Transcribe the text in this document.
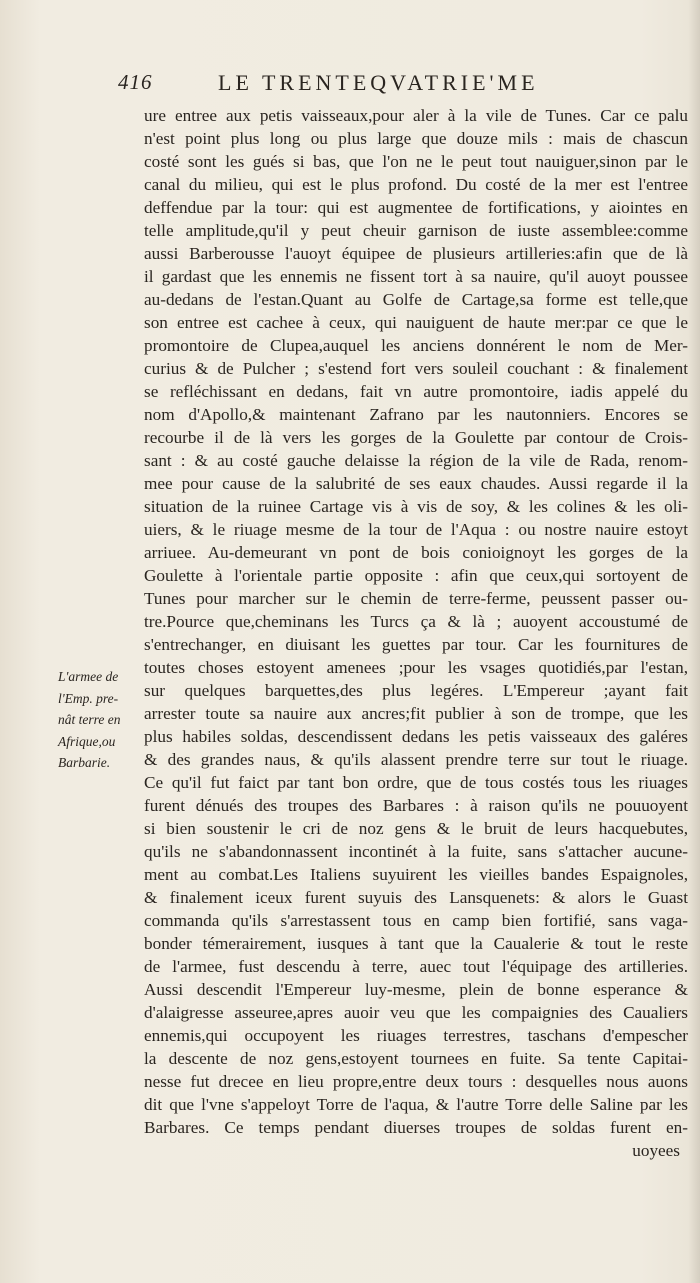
416	LE TRENTEQVATRIE'ME
L'armee de
l'Emp. pre-
nât terre en
Afrique,ou
Barbarie.
ure entree aux petis vaisseaux,pour aler à la vile de Tunes. Car ce palu
n'est point plus long ou plus large que douze mils : mais de chascun
costé sont les gués si bas, que l'on ne le peut tout nauiguer,sinon par le
canal du milieu, qui est le plus profond. Du costé de la mer est l'entree
deffendue par la tour: qui est augmentee de fortifications, y aiointes en
telle amplitude,qu'il y peut cheuir garnison de iuste assemblee:comme
aussi Barberousse l'auoyt équipee de plusieurs artilleries:afin que de là
il gardast que les ennemis ne fissent tort à sa nauire, qu'il auoyt poussee
au-dedans de l'estan.Quant au Golfe de Cartage,sa forme est telle,que
son entree est cachee à ceux, qui nauiguent de haute mer:par ce que le
promontoire de Clupea,auquel les anciens donnérent le nom de Mer-
curius & de Pulcher ; s'estend fort vers souleil couchant : & finalement
se refléchissant en dedans, fait vn autre promontoire, iadis appelé du
nom d'Apollo,& maintenant Zafrano par les nautonniers. Encores se
recourbe il de là vers les gorges de la Goulette par contour de Crois-
sant : & au costé gauche delaisse la région de la vile de Rada, renom-
mee pour cause de la salubrité de ses eaux chaudes. Aussi regarde il la
situation de la ruinee Cartage vis à vis de soy, & les colines & les oli-
uiers, & le riuage mesme de la tour de l'Aqua : ou nostre nauire estoyt
arriuee. Au-demeurant vn pont de bois conioignoyt les gorges de la
Goulette à l'orientale partie opposite : afin que ceux,qui sortoyent de
Tunes pour marcher sur le chemin de terre-ferme, peussent passer ou-
tre.Pource que,cheminans les Turcs ça & là ; auoyent accoustumé de
s'entrechanger, en diuisant les guettes par tour. Car les fournitures de
toutes choses estoyent amenees ;pour les vsages quotidiés,par l'estan,
sur quelques barquettes,des plus legéres. L'Empereur ;ayant fait
arrester toute sa nauire aux ancres;fit publier à son de trompe, que les
plus habiles soldas, descendissent dedans les petis vaisseaux des galéres
& des grandes naus, & qu'ils alassent prendre terre sur tout le riuage.
Ce qu'il fut faict par tant bon ordre, que de tous costés tous les riuages
furent dénués des troupes des Barbares : à raison qu'ils ne pouuoyent
si bien soustenir le cri de noz gens & le bruit de leurs hacquebutes,
qu'ils ne s'abandonnassent incontinét à la fuite, sans s'attacher aucune-
ment au combat.Les Italiens suyuirent les vieilles bandes Espaignoles,
& finalement iceux furent suyuis des Lansquenets: & alors le Guast
commanda qu'ils s'arrestassent tous en camp bien fortifié, sans vaga-
bonder témerairement, iusques à tant que la Caualerie & tout le reste
de l'armee, fust descendu à terre, auec tout l'équipage des artilleries.
Aussi descendit l'Empereur luy-mesme, plein de bonne esperance &
d'alaigresse asseuree,apres auoir veu que les compaignies des Caualiers
ennemis,qui occupoyent les riuages terrestres, taschans d'empescher
la descente de noz gens,estoyent tournees en fuite. Sa tente Capitai-
nesse fut drecee en lieu propre,entre deux tours : desquelles nous auons
dit que l'vne s'appeloyt Torre de l'aqua, & l'autre Torre delle Saline par les
Barbares. Ce temps pendant diuerses troupes de soldas furent en-
uoyees
